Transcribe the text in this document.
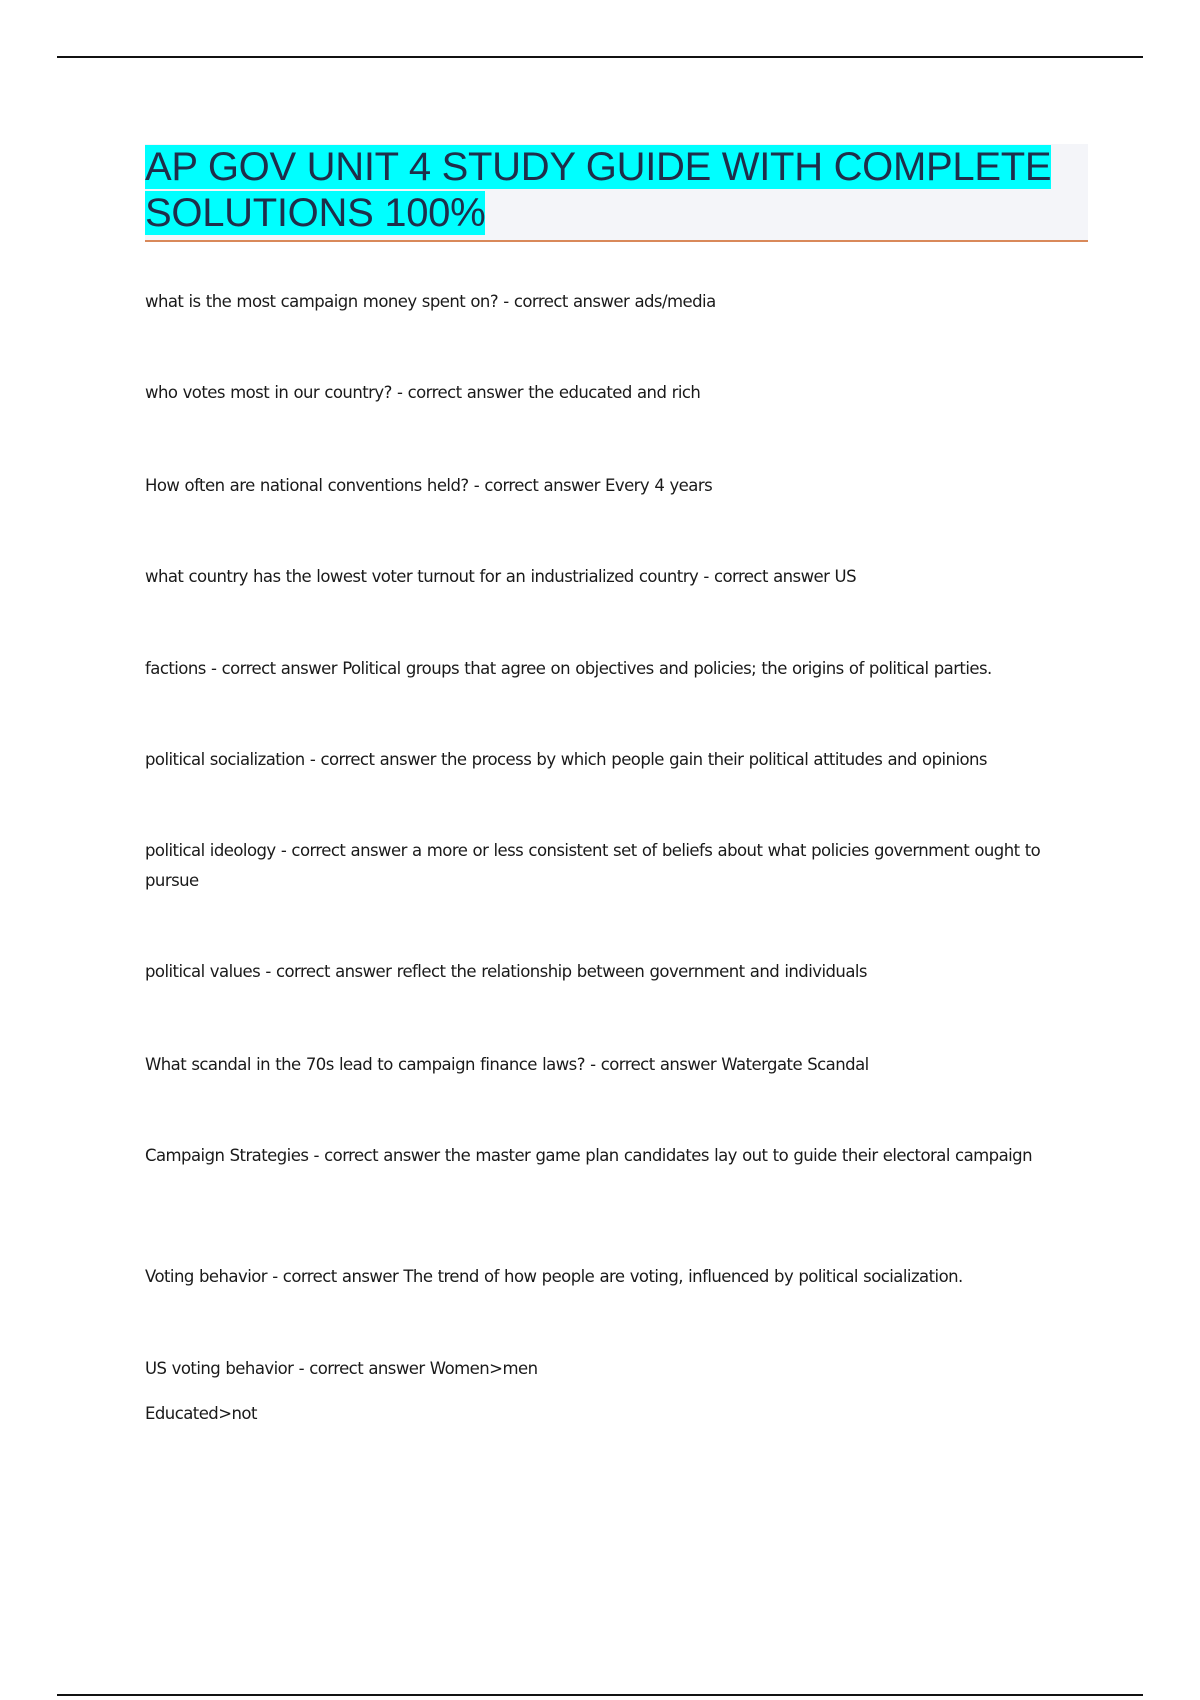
AP GOV UNIT 4 STUDY GUIDE WITH COMPLETE SOLUTIONS 100%

what is the most campaign money spent on? - correct answer ads/media

who votes most in our country? - correct answer the educated and rich

How often are national conventions held? - correct answer Every 4 years

what country has the lowest voter turnout for an industrialized country - correct answer US

factions - correct answer Political groups that agree on objectives and policies; the origins of political parties.

political socialization - correct answer the process by which people gain their political attitudes and opinions

political ideology - correct answer a more or less consistent set of beliefs about what policies government ought to pursue

political values - correct answer reflect the relationship between government and individuals

What scandal in the 70s lead to campaign finance laws? - correct answer Watergate Scandal

Campaign Strategies - correct answer the master game plan candidates lay out to guide their electoral campaign

Voting behavior - correct answer The trend of how people are voting, influenced by political socialization.

US voting behavior - correct answer Women>men

Educated>not
